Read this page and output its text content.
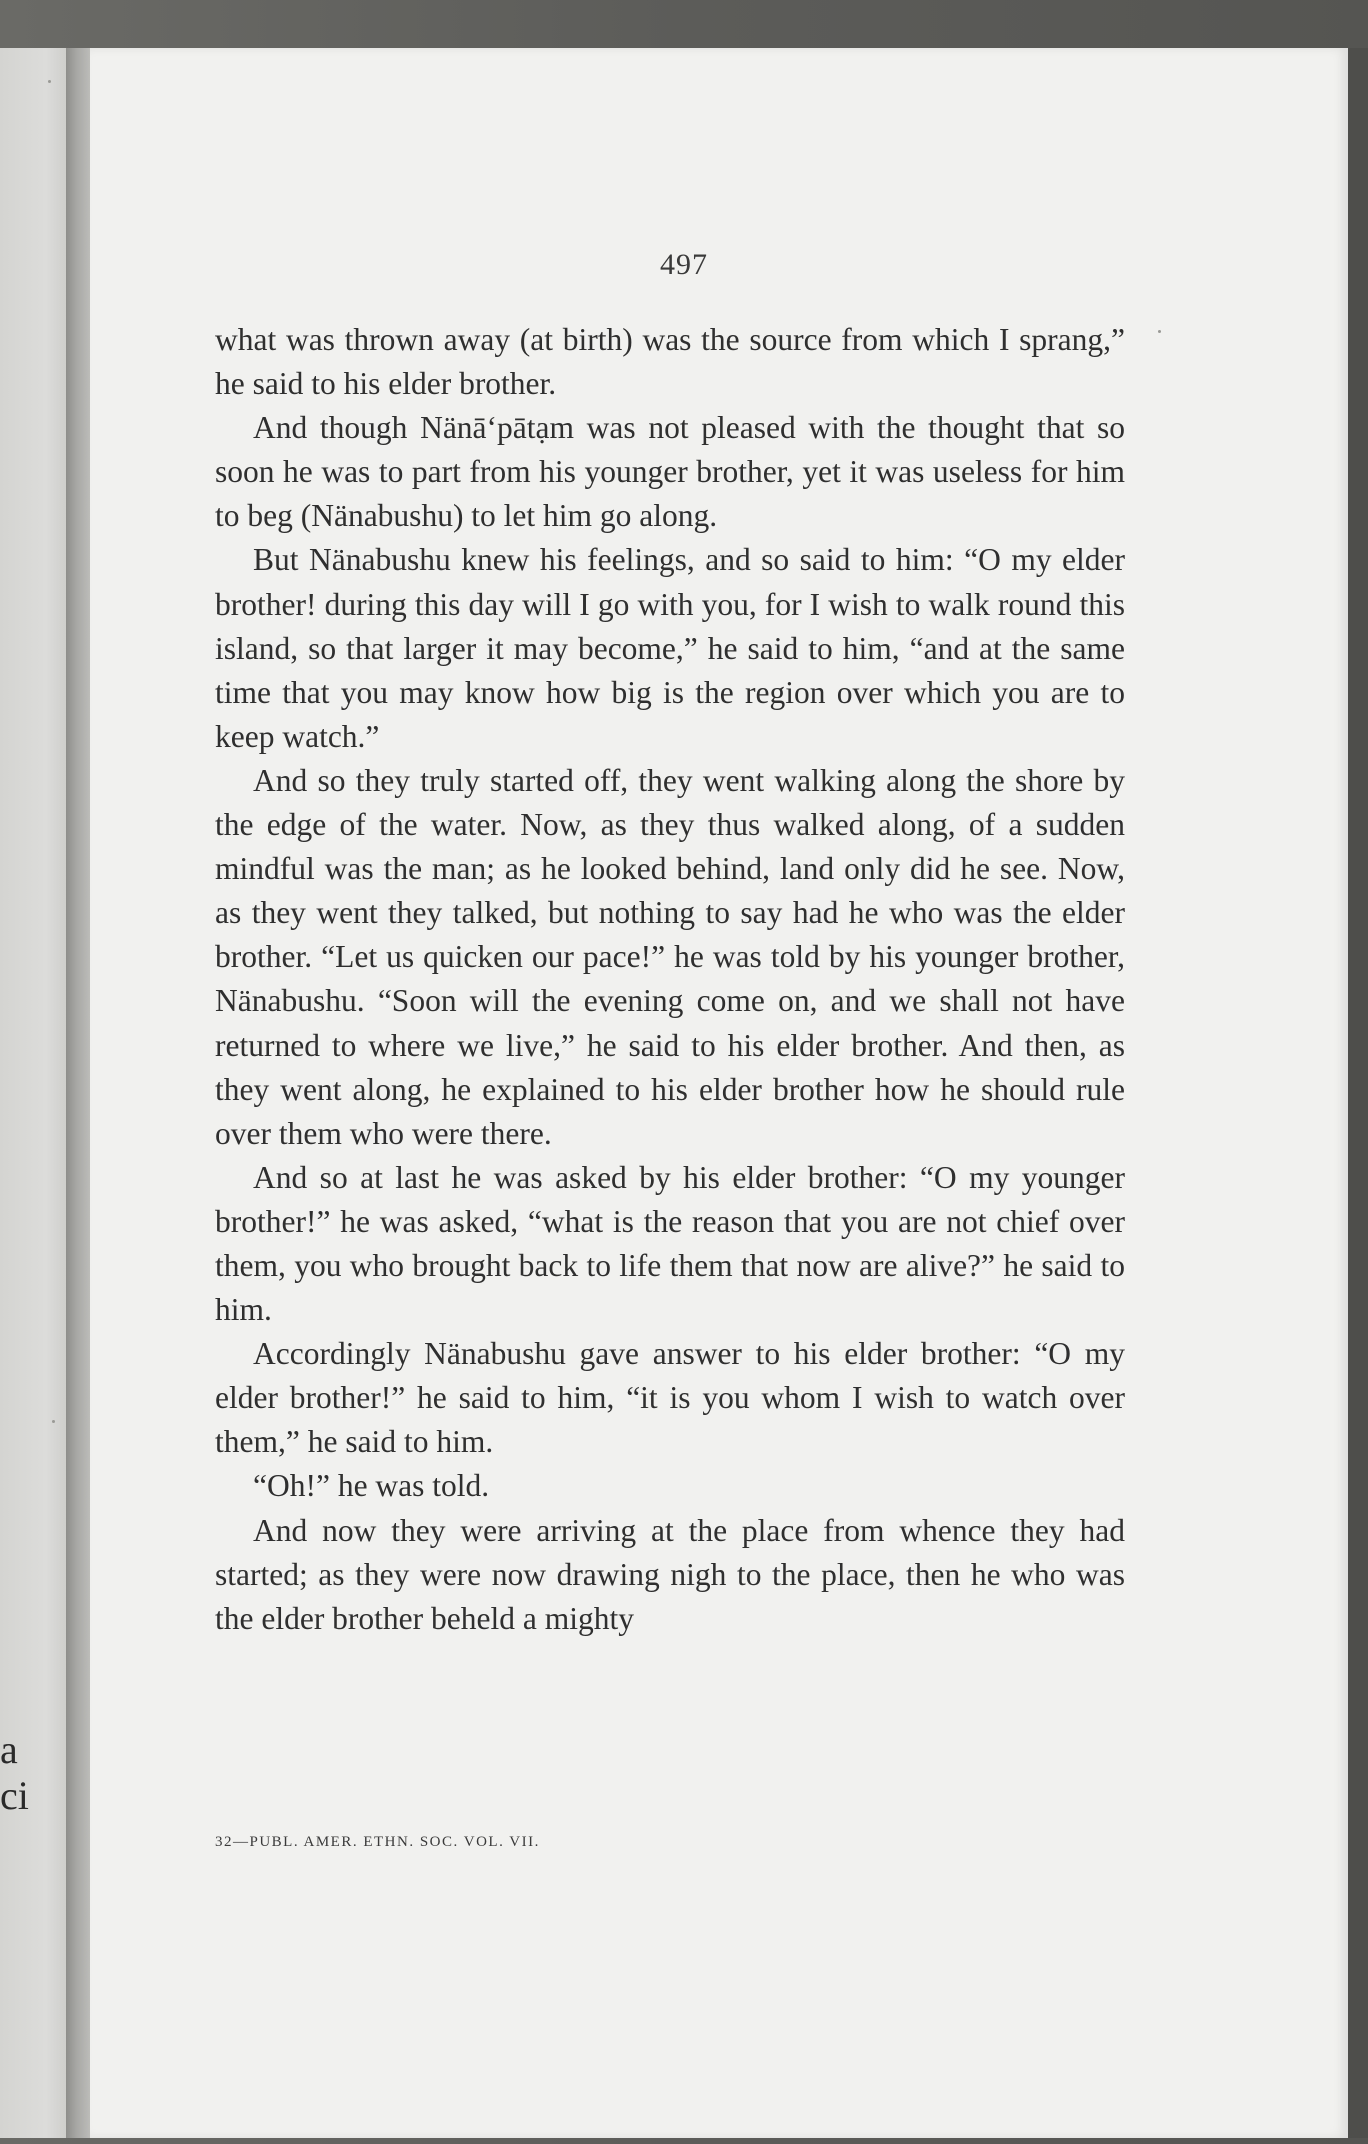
a
ci
497

what was thrown away (at birth) was the source from which I sprang,” he said to his elder brother.

And though Nänā‘pātạm was not pleased with the thought that so soon he was to part from his younger brother, yet it was useless for him to beg (Nänabushu) to let him go along.

But Nänabushu knew his feelings, and so said to him: “O my elder brother! during this day will I go with you, for I wish to walk round this island, so that larger it may become,” he said to him, “and at the same time that you may know how big is the region over which you are to keep watch.”

And so they truly started off, they went walking along the shore by the edge of the water. Now, as they thus walked along, of a sudden mindful was the man; as he looked behind, land only did he see. Now, as they went they talked, but nothing to say had he who was the elder brother. “Let us quicken our pace!” he was told by his younger brother, Nänabushu. “Soon will the evening come on, and we shall not have returned to where we live,” he said to his elder brother. And then, as they went along, he explained to his elder brother how he should rule over them who were there.

And so at last he was asked by his elder brother: “O my younger brother!” he was asked, “what is the reason that you are not chief over them, you who brought back to life them that now are alive?” he said to him.

Accordingly Nänabushu gave answer to his elder brother: “O my elder brother!” he said to him, “it is you whom I wish to watch over them,” he said to him.

“Oh!” he was told.

And now they were arriving at the place from whence they had started; as they were now drawing nigh to the place, then he who was the elder brother beheld a mighty

32—PUBL. AMER. ETHN. SOC. VOL. VII.
